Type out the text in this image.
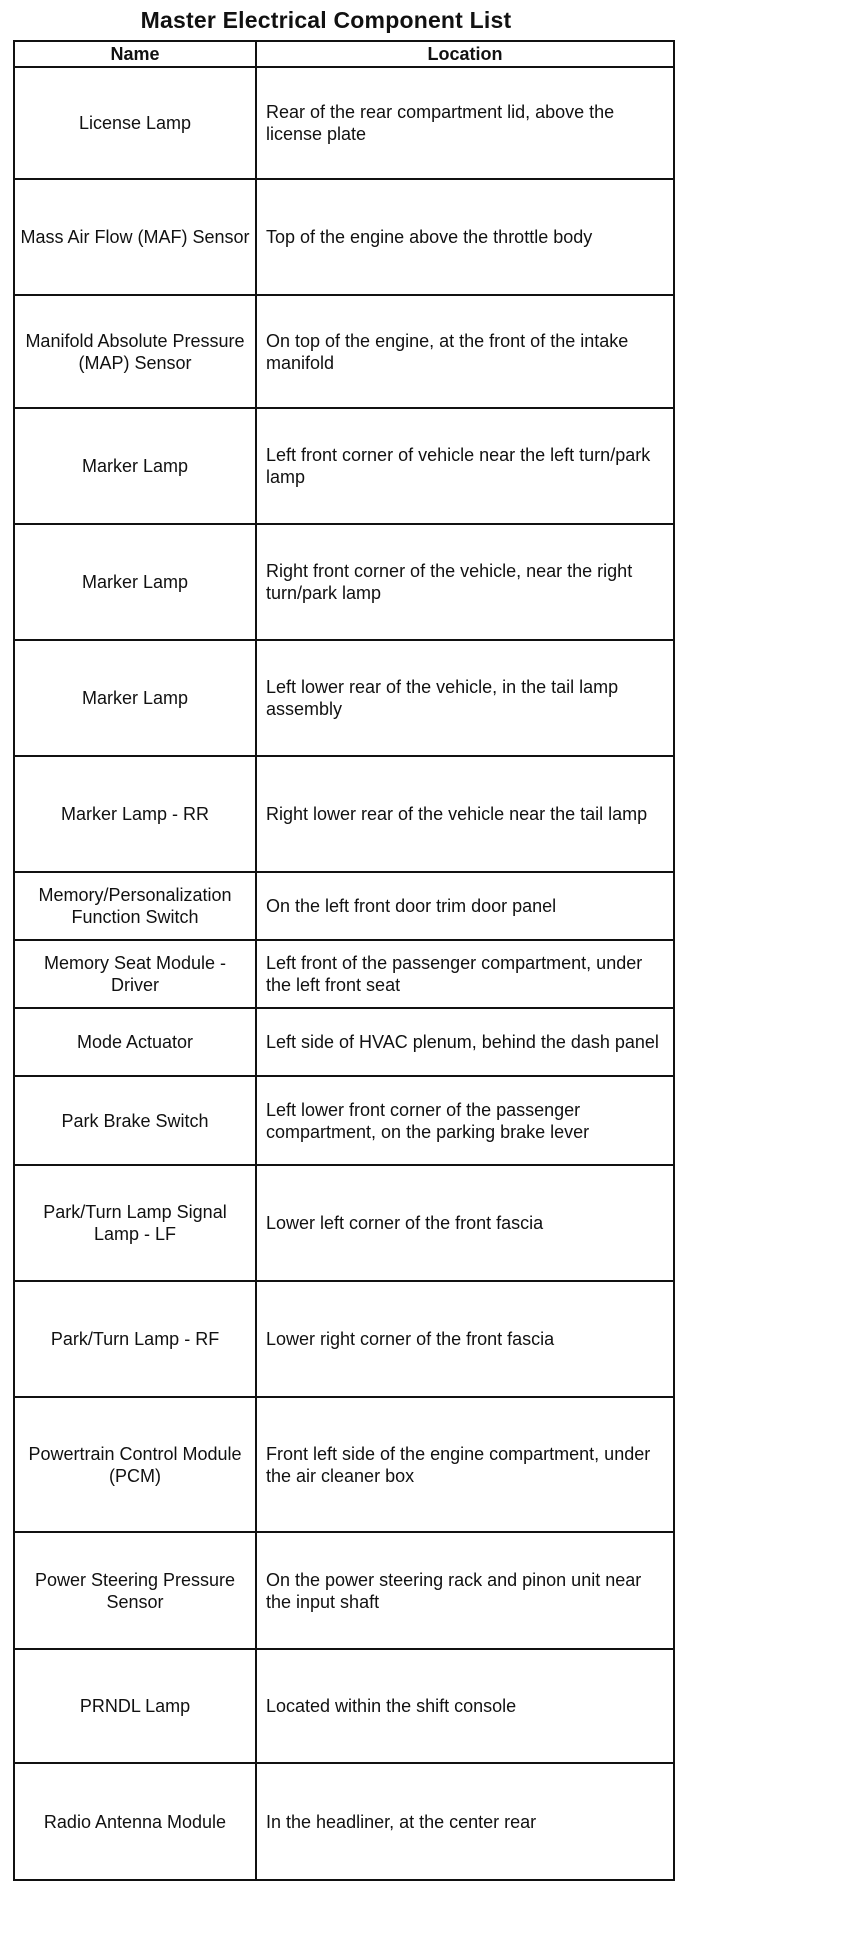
Master Electrical Component List
Name	Location
License Lamp	Rear of the rear compartment lid, above the license plate
Mass Air Flow (MAF) Sensor	Top of the engine above the throttle body
Manifold Absolute Pressure (MAP) Sensor	On top of the engine, at the front of the intake manifold
Marker Lamp	Left front corner of vehicle near the left turn/park lamp
Marker Lamp	Right front corner of the vehicle, near the right turn/park lamp
Marker Lamp	Left lower rear of the vehicle, in the tail lamp assembly
Marker Lamp - RR	Right lower rear of the vehicle near the tail lamp
Memory/Personalization Function Switch	On the left front door trim door panel
Memory Seat Module - Driver	Left front of the passenger compartment, under the left front seat
Mode Actuator	Left side of HVAC plenum, behind the dash panel
Park Brake Switch	Left lower front corner of the passenger compartment, on the parking brake lever
Park/Turn Lamp Signal Lamp - LF	Lower left corner of the front fascia
Park/Turn Lamp - RF	Lower right corner of the front fascia
Powertrain Control Module (PCM)	Front left side of the engine compartment, under the air cleaner box
Power Steering Pressure Sensor	On the power steering rack and pinon unit near the input shaft
PRNDL Lamp	Located within the shift console
Radio Antenna Module	In the headliner, at the center rear
